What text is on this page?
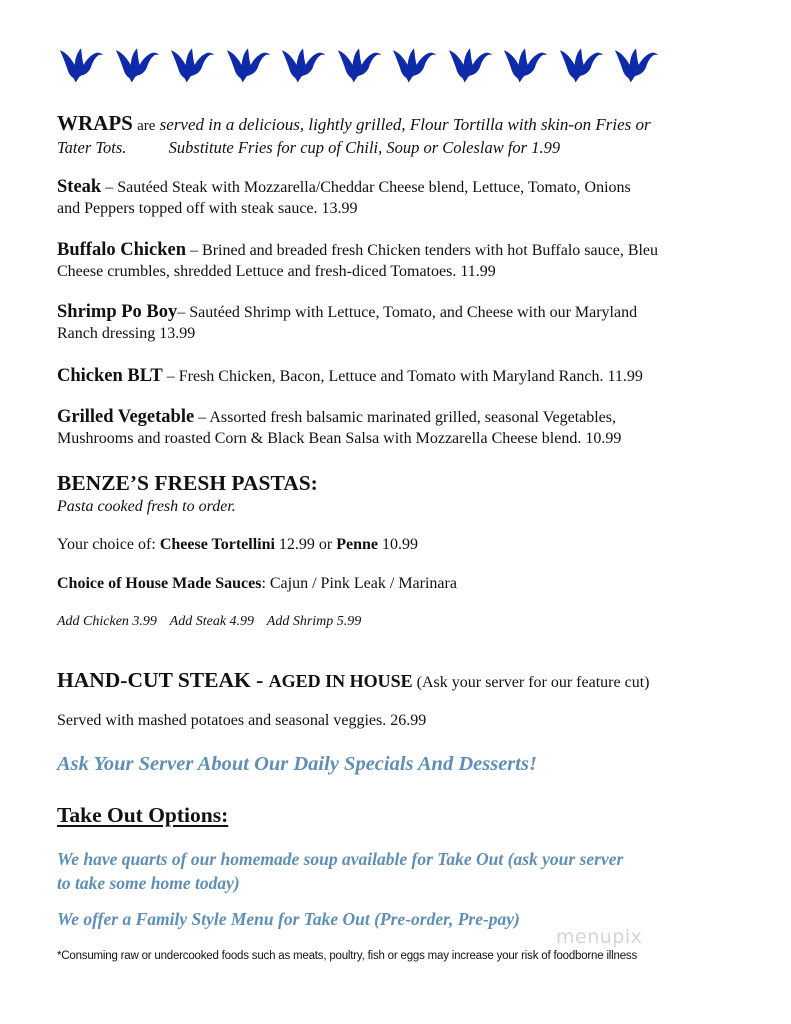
WRAPS are served in a delicious, lightly grilled, Flour Tortilla with skin-on Fries or
Tater Tots.	Substitute Fries for cup of Chili, Soup or Coleslaw for 1.99
Steak – Sautéed Steak with Mozzarella/Cheddar Cheese blend, Lettuce, Tomato, Onions
and Peppers topped off with steak sauce. 13.99
Buffalo Chicken – Brined and breaded fresh Chicken tenders with hot Buffalo sauce, Bleu
Cheese crumbles, shredded Lettuce and fresh-diced Tomatoes. 11.99
Shrimp Po Boy– Sautéed Shrimp with Lettuce, Tomato, and Cheese with our Maryland
Ranch dressing 13.99
Chicken BLT – Fresh Chicken, Bacon, Lettuce and Tomato with Maryland Ranch. 11.99
Grilled Vegetable – Assorted fresh balsamic marinated grilled, seasonal Vegetables,
Mushrooms and roasted Corn & Black Bean Salsa with Mozzarella Cheese blend. 10.99
BENZE’S FRESH PASTAS:
Pasta cooked fresh to order.
Your choice of: Cheese Tortellini 12.99 or Penne 10.99
Choice of House Made Sauces: Cajun / Pink Leak / Marinara
Add Chicken 3.99 Add Steak 4.99 Add Shrimp 5.99
HAND-CUT STEAK - AGED IN HOUSE (Ask your server for our feature cut)
Served with mashed potatoes and seasonal veggies. 26.99
Ask Your Server About Our Daily Specials And Desserts!
Take Out Options:
We have quarts of our homemade soup available for Take Out (ask your server
to take some home today)
We offer a Family Style Menu for Take Out (Pre-order, Pre-pay)
menupix
*Consuming raw or undercooked foods such as meats, poultry, fish or eggs may increase your risk of foodborne illness
